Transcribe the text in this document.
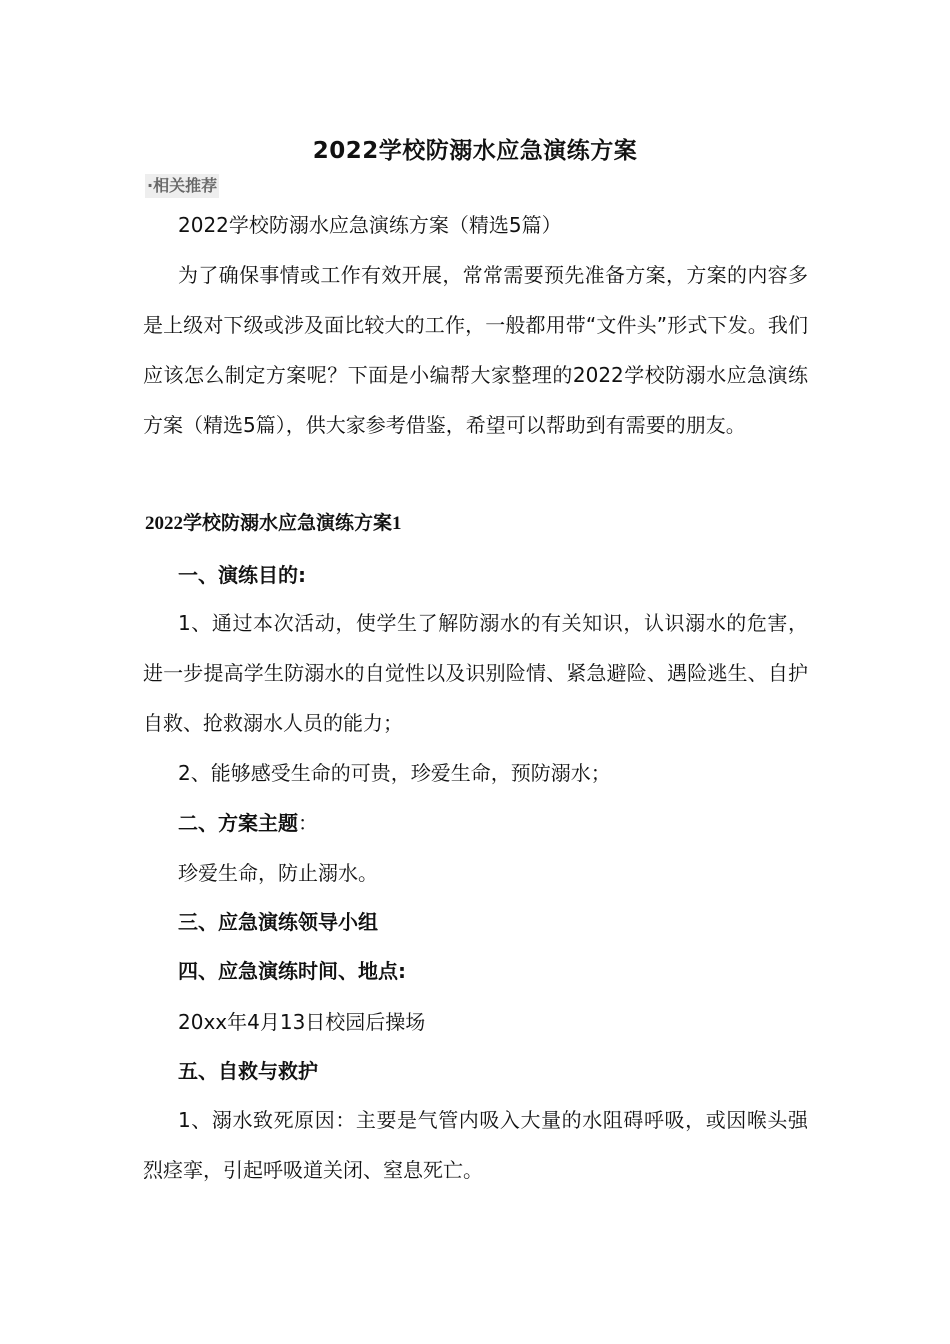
2022学校防溺水应急演练方案
·相关推荐
2022学校防溺水应急演练方案（精选5篇）
为了确保事情或工作有效开展，常常需要预先准备方案，方案的内容多是上级对下级或涉及面比较大的工作，一般都用带“文件头”形式下发。我们应该怎么制定方案呢？下面是小编帮大家整理的2022学校防溺水应急演练方案（精选5篇），供大家参考借鉴，希望可以帮助到有需要的朋友。
2022学校防溺水应急演练方案1
一、演练目的:
1、通过本次活动，使学生了解防溺水的有关知识，认识溺水的危害，进一步提高学生防溺水的自觉性以及识别险情、紧急避险、遇险逃生、自护自救、抢救溺水人员的能力；
2、能够感受生命的可贵，珍爱生命，预防溺水；
二、方案主题：
珍爱生命，防止溺水。
三、应急演练领导小组
四、应急演练时间、地点:
20xx年4月13日校园后操场
五、自救与救护
1、溺水致死原因：主要是气管内吸入大量的水阻碍呼吸，或因喉头强烈痉挛，引起呼吸道关闭、窒息死亡。
